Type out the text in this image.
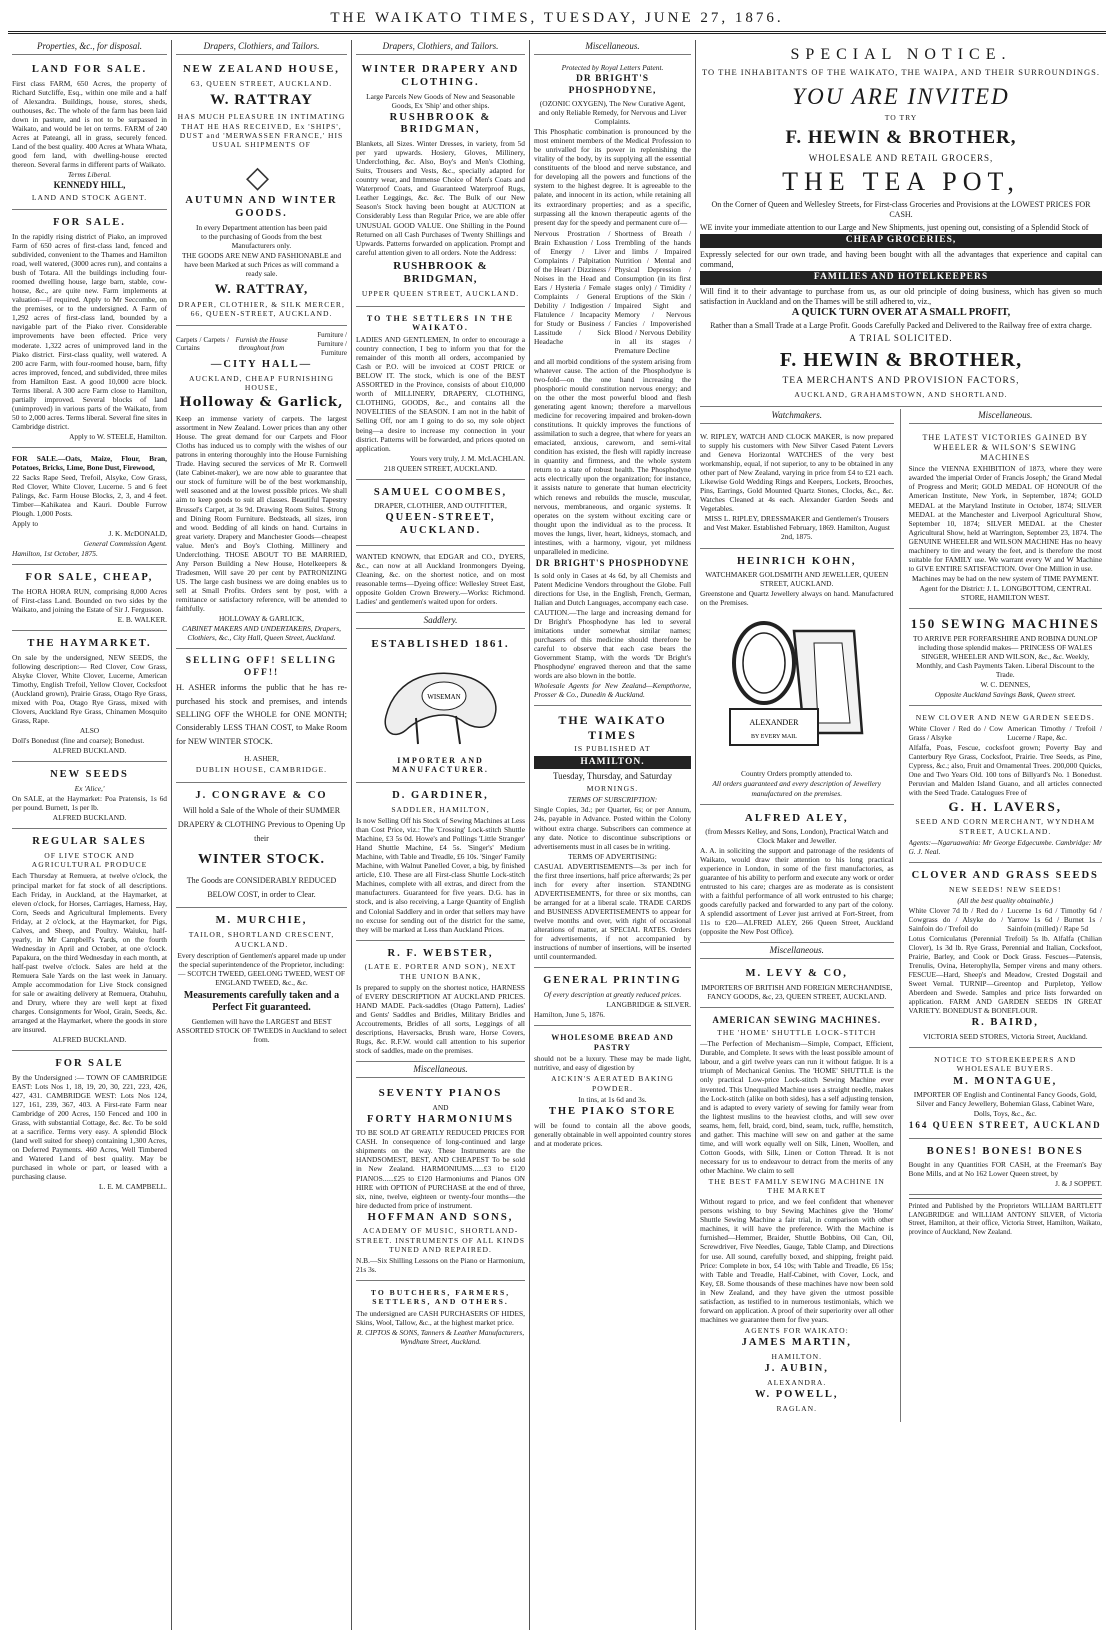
THE WAIKATO TIMES, TUESDAY, JUNE 27, 1876.
Properties, &c., for disposal.
LAND FOR SALE.

First class FARM, 650 Acres, the property of Richard Sutcliffe, Esq., within one mile and a half of Alexandra. Buildings, house, stores, sheds, outhouses, &c. The whole of the farm has been laid down in pasture, and is not to be surpassed in Waikato, and would be let on terms. FARM of 240 Acres at Pateangi, all in grass, securely fenced. Land of the best quality. 400 Acres at Whata Whata, good fern land, with dwelling-house erected thereon. Several farms in different parts of Waikato.

Terms Liberal.

KENNEDY HILL,

LAND AND STOCK AGENT.

FOR SALE.

In the rapidly rising district of Piako, an improved Farm of 650 acres of first-class land, fenced and subdivided, convenient to the Thames and Hamilton road, well watered, (3000 acres run), and contains a bush of Totara. All the buildings including four-roomed dwelling house, large barn, stable, cow-house, &c., are quite new. Farm implements at valuation—if required. Apply to Mr Seccombe, on the premises, or to the undersigned. A Farm of 1,292 acres of first-class land, bounded by a navigable part of the Piako river. Considerable improvements have been effected. Price very moderate. 1,322 acres of unimproved land in the Piako district. First-class quality, well watered. A 200 acre Farm, with four-roomed house, barn, fifty acres improved, fenced, and subdivided, three miles from Hamilton East. A good 10,000 acre block. Terms liberal. A 300 acre Farm close to Hamilton, partially improved. Several blocks of land (unimproved) in various parts of the Waikato, from 50 to 2,000 acres. Terms liberal. Several fine sites in Cambridge district.

Apply to W. STEELE, Hamilton.

FOR SALE.—Oats, Maize, Flour, Bran, Potatoes, Bricks, Lime, Bone Dust, Firewood,

22 Sacks Rape Seed, Trefoil, Alsyke, Cow Grass, Red Clover, White Clover, Lucerne. 5 and 6 feet Palings, &c. Farm House Blocks, 2, 3, and 4 feet. Timber—Kahikatea and Kauri. Double Furrow Plough. 1,000 Posts.

Apply to

J. K. McDONALD,

General Commission Agent.

Hamilton, 1st October, 1875.

FOR SALE, CHEAP,

The HORA HORA RUN, comprising 8,000 Acres of First-class Land. Bounded on two sides by the Waikato, and joining the Estate of Sir J. Fergusson.

E. B. WALKER.

THE HAYMARKET.

On sale by the undersigned, NEW SEEDS, the following description:— Red Clover, Cow Grass, Alsyke Clover, White Clover, Lucerne, American Timothy, English Trefoil, Yellow Clover, Cocksfoot (Auckland grown), Prairie Grass, Otago Rye Grass, mixed with Poa, Otago Rye Grass, mixed with Clovers, Auckland Rye Grass, Chinamen Mosquito Grass, Rape.

ALSO

Doll's Bonedust (fine and coarse); Bonedust.

ALFRED BUCKLAND.

NEW SEEDS

Ex 'Alice,'

On SALE, at the Haymarket: Poa Pratensis, 1s 6d per pound. Burnett, 1s per lb.

ALFRED BUCKLAND.

REGULAR SALES

OF LIVE STOCK AND AGRICULTURAL PRODUCE

Each Thursday at Remuera, at twelve o'clock, the principal market for fat stock of all descriptions. Each Friday, in Auckland, at the Haymarket, at eleven o'clock, for Horses, Carriages, Harness, Hay, Corn, Seeds and Agricultural Implements. Every Friday, at 2 o'clock, at the Haymarket, for Pigs, Calves, and Sheep, and Poultry. Waiuku, half-yearly, in Mr Campbell's Yards, on the fourth Wednesday in April and October, at one o'clock. Papakura, on the third Wednesday in each month, at half-past twelve o'clock. Sales are held at the Remuera Sale Yards on the last week in January. Ample accommodation for Live Stock consigned for sale or awaiting delivery at Remuera, Otahuhu, and Drury, where they are well kept at fixed charges. Consignments for Wool, Grain, Seeds, &c. arranged at the Haymarket, where the goods in store are insured.

ALFRED BUCKLAND.

FOR SALE

By the Undersigned :— TOWN OF CAMBRIDGE EAST: Lots Nos 1, 18, 19, 20, 30, 221, 223, 426, 427, 431. CAMBRIDGE WEST: Lots Nos 124, 127, 161, 239, 367, 403. A First-rate Farm near Cambridge of 200 Acres, 150 Fenced and 100 in Grass, with substantial Cottage, &c. &c. To be sold at a sacrifice. Terms very easy. A splendid Block (land well suited for sheep) containing 1,300 Acres, on Deferred Payments. 460 Acres, Well Timbered and Watered Land of best quality. May be purchased in whole or part, or leased with a purchasing clause.

L. E. M. CAMPBELL.

Drapers, Clothiers, and Tailors.
NEW ZEALAND HOUSE,

63, QUEEN STREET, AUCKLAND.

W. RATTRAY

HAS MUCH PLEASURE IN INTIMATING THAT HE HAS RECEIVED, Ex 'SHIPS', DUST and 'MERWASSEN FRANCE,' HIS USUAL SHIPMENTS OF

◇
AUTUMN AND WINTER GOODS.

In every Department attention has been paid to the purchasing of Goods from the best Manufacturers only.

THE GOODS ARE NEW AND FASHIONABLE and have been Marked at such Prices as will command a ready sale.

W. RATTRAY,

DRAPER, CLOTHIER, & SILK MERCER, 66, QUEEN-STREET, AUCKLAND.

Carpets / Carpets / Curtains
Furnish the House throughout from
Furniture / Furniture / Furniture
—CITY HALL—

AUCKLAND, CHEAP FURNISHING HOUSE,

Holloway & Garlick,

Keep an immense variety of carpets. The largest assortment in New Zealand. Lower prices than any other House. The great demand for our Carpets and Floor Cloths has induced us to comply with the wishes of our patrons in entering thoroughly into the House Furnishing Trade. Having secured the services of Mr R. Cornwell (late Cabinet-maker), we are now able to guarantee that our stock of furniture will be of the best workmanship, well seasoned and at the lowest possible prices. We shall aim to keep goods to suit all classes. Beautiful Tapestry Brussel's Carpet, at 3s 9d. Drawing Room Suites. Strong and Dining Room Furniture. Bedsteads, all sizes, iron and wood. Bedding of all kinds on hand. Curtains in great variety. Drapery and Manchester Goods—cheapest value. Men's and Boy's Clothing. Millinery and Underclothing. THOSE ABOUT TO BE MARRIED, Any Person Building a New House, Hotelkeepers & Tradesmen, Will save 20 per cent by PATRONIZING US. The large cash business we are doing enables us to sell at Small Profits. Orders sent by post, with a remittance or satisfactory reference, will be attended to faithfully.

HOLLOWAY & GARLICK,

CABINET MAKERS AND UNDERTAKERS, Drapers, Clothiers, &c., City Hall, Queen Street, Auckland.

SELLING OFF! SELLING OFF!!

H. ASHER informs the public that he has re-purchased his stock and premises, and intends SELLING OFF the WHOLE for ONE MONTH; Considerably LESS THAN COST, to Make Room for NEW WINTER STOCK.

H. ASHER,

DUBLIN HOUSE, CAMBRIDGE.

J. CONGRAVE & CO

Will hold a Sale of the Whole of their SUMMER DRAPERY & CLOTHING Previous to Opening Up their

WINTER STOCK.

The Goods are CONSIDERABLY REDUCED BELOW COST, in order to Clear.

M. MURCHIE,

TAILOR, SHORTLAND CRESCENT, AUCKLAND.

Every description of Gentlemen's apparel made up under the special superintendence of the Proprietor, including:— SCOTCH TWEED, GEELONG TWEED, WEST OF ENGLAND TWEED, &c., &c.

Measurements carefully taken and a Perfect Fit guaranteed.

Gentlemen will have the LARGEST and BEST ASSORTED STOCK OF TWEEDS in Auckland to select from.

Drapers, Clothiers, and Tailors.
WINTER DRAPERY AND CLOTHING.

Large Parcels New Goods of New and Seasonable Goods, Ex 'Ship' and other ships.

RUSHBROOK & BRIDGMAN,

Blankets, all Sizes. Winter Dresses, in variety, from 5d per yard upwards. Hosiery, Gloves, Millinery, Underclothing, &c. Also, Boy's and Men's Clothing, Suits, Trousers and Vests, &c., specially adapted for country wear, and Immense Choice of Men's Coats and Waterproof Coats, and Guaranteed Waterproof Rugs, Leather Leggings, &c. &c. The Bulk of our New Season's Stock having been bought at AUCTION at Considerably Less than Regular Price, we are able offer UNUSUAL GOOD VALUE. One Shilling in the Pound Returned on all Cash Purchases of Twenty Shillings and Upwards. Patterns forwarded on application. Prompt and careful attention given to all orders. Note the Address:

RUSHBROOK & BRIDGMAN,

UPPER QUEEN STREET, AUCKLAND.

TO THE SETTLERS IN THE WAIKATO.

LADIES AND GENTLEMEN, In order to encourage a country connection, I beg to inform you that for the remainder of this month all orders, accompanied by Cash or P.O. will be invoiced at COST PRICE or BELOW IT. The stock, which is one of the BEST ASSORTED in the Province, consists of about £10,000 worth of MILLINERY, DRAPERY, CLOTHING, CLOTHING, GOODS, &c., and contains all the NOVELTIES of the SEASON. I am not in the habit of Selling Off, nor am I going to do so, my sole object being—a desire to increase my connection in your district. Patterns will be forwarded, and prices quoted on application.

Yours very truly, J. M. McLACHLAN.

218 QUEEN STREET, AUCKLAND.

SAMUEL COOMBES,

DRAPER, CLOTHIER, AND OUTFITTER,

QUEEN-STREET, AUCKLAND.

WANTED KNOWN, that EDGAR and CO., DYERS, &c., can now at all Auckland Ironmongers Dyeing, Cleaning, &c. on the shortest notice, and on most reasonable terms—Dyeing office: Wellesley Street East, opposite Golden Crown Brewery.—Works: Richmond. Ladies' and gentlemen's waited upon for orders.

Saddlery.
ESTABLISHED 1861.
WISEMAN
IMPORTER AND MANUFACTURER.
D. GARDINER,

SADDLER, HAMILTON,

Is now Selling Off his Stock of Sewing Machines at Less than Cost Price, viz.: The 'Crossing' Lock-stitch Shuttle Machine, £3 5s 0d. Howe's and Pollings 'Little Stranger' Hand Shuttle Machine, £4 5s. 'Singer's' Medium Machine, with Table and Treadle, £6 10s. 'Singer' Family Machine, with Walnut Panelled Cover, a big, by finished article, £10. These are all First-class Shuttle Lock-stitch Machines, complete with all extras, and direct from the manufacturers. Guaranteed for five years. D.G. has in stock, and is also receiving, a Large Quantity of English and Colonial Saddlery and in order that sellers may have no excuse for sending out of the district for the same, they will be marked at Less than Auckland Prices.

R. F. WEBSTER,

(LATE E. PORTER AND SON), NEXT THE UNION BANK,

Is prepared to supply on the shortest notice, HARNESS of EVERY DESCRIPTION AT AUCKLAND PRICES. HAND MADE. Pack-saddles (Otago Pattern), Ladies' and Gents' Saddles and Bridles, Military Bridles and Accoutrements, Bridles of all sorts, Leggings of all descriptions, Haversacks, Brush ware, Horse Covers, Rugs, &c. R.F.W. would call attention to his superior stock of saddles, made on the premises.

Miscellaneous.
SEVENTY PIANOS

AND

FORTY HARMONIUMS

TO BE SOLD AT GREATLY REDUCED PRICES FOR CASH. In consequence of long-continued and large shipments on the way. These Instruments are the HANDSOMEST, BEST, AND CHEAPEST To be sold in New Zealand. HARMONIUMS......£3 to £120 PIANOS......£25 to £120 Harmoniums and Pianos ON HIRE with OPTION of PURCHASE at the end of three, six, nine, twelve, eighteen or twenty-four months—the hire deducted from price of instrument.

HOFFMAN AND SONS,

ACADEMY OF MUSIC, SHORTLAND-STREET. INSTRUMENTS OF ALL KINDS TUNED AND REPAIRED.

N.B.—Six Shilling Lessons on the Piano or Harmonium, 21s 3s.

TO BUTCHERS, FARMERS, SETTLERS, AND OTHERS.

The undersigned are CASH PURCHASERS OF HIDES, Skins, Wool, Tallow, &c., at the highest market price.

R. CIPTOS & SONS, Tanners & Leather Manufacturers, Wyndham Street, Auckland.

Miscellaneous.

Protected by Royal Letters Patent.

DR BRIGHT'S PHOSPHODYNE,

(OZONIC OXYGEN), The New Curative Agent, and only Reliable Remedy, for Nervous and Liver Complaints.

This Phosphatic combination is pronounced by the most eminent members of the Medical Profession to be unrivalled for its power in replenishing the vitality of the body, by its supplying all the essential constituents of the blood and nerve substance, and for developing all the powers and functions of the system to the highest degree. It is agreeable to the palate, and innocent in its action, while retaining all its extraordinary properties; and as a specific, surpassing all the known therapeutic agents of the present day for the speedy and permanent cure of—

Nervous Prostration / Brain Exhaustion / Loss of Energy / Liver Complaints / Palpitation of the Heart / Dizziness / Noises in the Head and Ears / Hysteria / Female Complaints / General Debility / Indigestion / Flatulence / Incapacity for Study or Business / Lassitude / Sick Headache
Shortness of Breath / Trembling of the hands and limbs / Impaired Nutrition / Mental and Physical Depression / Consumption (in its first stages only) / Timidity / Eruptions of the Skin / Impaired Sight and Memory / Nervous Fancies / Impoverished Blood / Nervous Debility in all its stages / Premature Decline

and all morbid conditions of the system arising from whatever cause. The action of the Phosphodyne is two-fold—on the one hand increasing the phosphoric mould constitution nervous energy; and on the other the most powerful blood and flesh generating agent known; therefore a marvellous medicine for recovering impaired and broken-down constitutions. It quickly improves the functions of assimilation to such a degree, that where for years an emaciated, anxious, careworn, and semi-vital condition has existed, the flesh will rapidly increase in quantity and firmness, and the whole system return to a state of robust health. The Phosphodyne acts electrically upon the organization; for instance, it assists nature to generate that human electricity which renews and rebuilds the muscle, muscular, nervous, membraneous, and organic systems. It operates on the system without exciting care or thought upon the individual as to the process. It moves the lungs, liver, heart, kidneys, stomach, and intestines, with a harmony, vigour, yet mildness unparalleled in medicine.

DR BRIGHT'S PHOSPHODYNE

Is sold only in Cases at 4s 6d, by all Chemists and Patent Medicine Vendors throughout the Globe. Full directions for Use, in the English, French, German, Italian and Dutch Languages, accompany each case.

CAUTION.—The large and increasing demand for Dr Bright's Phosphodyne has led to several imitations under somewhat similar names; purchasers of this medicine should therefore be careful to observe that each case bears the Government Stamp, with the words 'Dr Bright's Phosphodyne' engraved thereon and that the same words are also blown in the bottle.

Wholesale Agents for New Zealand—Kempthorne, Prosser & Co., Dunedin & Auckland.

THE WAIKATO TIMES

IS PUBLISHED AT

HAMILTON.

Tuesday, Thursday, and Saturday

MORNINGS.

TERMS OF SUBSCRIPTION:

Single Copies, 3d.; per Quarter, 6s; or per Annum, 24s, payable in Advance. Posted within the Colony without extra charge. Subscribers can commence at any date. Notice to discontinue subscriptions or advertisements must in all cases be in writing.

TERMS OF ADVERTISING:

CASUAL ADVERTISEMENTS—3s per inch for the first three insertions, half price afterwards; 2s per inch for every after insertion. STANDING ADVERTISEMENTS, for three or six months, can be arranged for at a liberal scale. TRADE CARDS and BUSINESS ADVERTISEMENTS to appear for twelve months and over, with right of occasional alterations of matter, at SPECIAL RATES. Orders for advertisements, if not accompanied by instructions of number of insertions, will be inserted until countermanded.

GENERAL PRINTING

Of every description at greatly reduced prices.

LANGBRIDGE & SILVER.

Hamilton, June 5, 1876.

WHOLESOME BREAD AND PASTRY

should not be a luxury. These may be made light, nutritive, and easy of digestion by

AICKIN'S AERATED BAKING POWDER.

In tins, at 1s 6d and 3s.

THE PIAKO STORE

will be found to contain all the above goods, generally obtainable in well appointed country stores and at moderate prices.

SPECIAL NOTICE.

TO THE INHABITANTS OF THE WAIKATO, THE WAIPA, AND THEIR SURROUNDINGS.

YOU ARE INVITED

TO TRY

F. HEWIN & BROTHER,

WHOLESALE AND RETAIL GROCERS,

THE TEA POT,

On the Corner of Queen and Wellesley Streets, for First-class Groceries and Provisions at the LOWEST PRICES FOR CASH.

WE invite your immediate attention to our Large and New Shipments, just opening out, consisting of a Splendid Stock of

CHEAP GROCERIES,

Expressly selected for our own trade, and having been bought with all the advantages that experience and capital can command,

FAMILIES AND HOTELKEEPERS

Will find it to their advantage to purchase from us, as our old principle of doing business, which has given so much satisfaction in Auckland and on the Thames will be still adhered to, viz.,

A QUICK TURN OVER AT A SMALL PROFIT,

Rather than a Small Trade at a Large Profit. Goods Carefully Packed and Delivered to the Railway free of extra charge.

A TRIAL SOLICITED.

F. HEWIN & BROTHER,

TEA MERCHANTS AND PROVISION FACTORS,

AUCKLAND, GRAHAMSTOWN, AND SHORTLAND.

Watchmakers.

W. RIPLEY, WATCH AND CLOCK MAKER, is now prepared to supply his customers with New Silver Cased Patent Levers and Geneva Horizontal WATCHES of the very best workmanship, equal, if not superior, to any to be obtained in any other part of New Zealand, varying in price from £4 to £21 each. Likewise Gold Wedding Rings and Keepers, Lockets, Brooches, Pins, Earrings, Gold Mounted Quartz Stones, Clocks, &c., &c. Watches Cleaned at 4s each. Alexander Garden Seeds and Vegetables.

MISS L. RIPLEY, DRESSMAKER and Gentlemen's Trousers and Vest Maker. Established February, 1869. Hamilton, August 2nd, 1875.

HEINRICH KOHN,

WATCHMAKER GOLDSMITH AND JEWELLER, QUEEN STREET, AUCKLAND.

Greenstone and Quartz Jewellery always on hand. Manufactured on the Premises.

ALEXANDER
BY EVERY MAIL

Country Orders promptly attended to.

All orders guaranteed and every description of Jewellery manufactured on the premises.

ALFRED ALEY,

(from Messrs Kelley, and Sons, London), Practical Watch and Clock Maker and Jeweller.

A. A. in soliciting the support and patronage of the residents of Waikato, would draw their attention to his long practical experience in London, in some of the first manufactories, as guarantee of his ability to perform and execute any work or order entrusted to his care; charges are as moderate as is consistent with a faithful performance of all work entrusted to his charge; goods carefully packed and forwarded to any part of the colony. A splendid assortment of Lever just arrived at Fort-Street, from 11s to £20—ALFRED ALEY, 266 Queen Street, Auckland (opposite the New Post Office).

Miscellaneous.
M. LEVY & CO,

IMPORTERS OF BRITISH AND FOREIGN MERCHANDISE, FANCY GOODS, &c, 23, QUEEN STREET, AUCKLAND.

AMERICAN SEWING MACHINES.

THE 'HOME' SHUTTLE LOCK-STITCH

—The Perfection of Mechanism—Simple, Compact, Efficient, Durable, and Complete. It sews with the least possible amount of labour, and a girl twelve years can run it without fatigue. It is a triumph of Mechanical Genius. The 'HOME' SHUTTLE is the only practical Low-price Lock-stitch Sewing Machine ever invented. This Unequalled Machine uses a straight needle, makes the Lock-stitch (alike on both sides), has a self adjusting tension, and is adapted to every variety of sewing for family wear from the lightest muslins to the heaviest cloths, and will sew over seams, hem, fell, braid, cord, bind, seam, tuck, ruffle, hemstitch, and gather. This machine will sew on and gather at the same time, and will work equally well on Silk, Linen, Woollen, and Cotton Goods, with Silk, Linen or Cotton Thread. It is not necessary for us to endeavour to detract from the merits of any other Machine. We claim to sell

THE BEST FAMILY SEWING MACHINE IN THE MARKET

Without regard to price, and we feel confident that whenever persons wishing to buy Sewing Machines give the 'Home' Shuttle Sewing Machine a fair trial, in comparison with other machines, it will have the preference. With the Machine is furnished—Hemmer, Braider, Shuttle Bobbins, Oil Can, Oil, Screwdriver, Five Needles, Gauge, Table Clamp, and Directions for use. All sound, carefully boxed, and shipping, freight paid. Price: Complete in box, £4 10s; with Table and Treadle, £6 15s; with Table and Treadle, Half-Cabinet, with Cover, Lock, and Key, £8. Some thousands of these machines have now been sold in New Zealand, and they have given the utmost possible satisfaction, as testified to in numerous testimonials, which we forward on application. A proof of their superiority over all other machines we guarantee them for five years.

AGENTS FOR WAIKATO:

JAMES MARTIN,

HAMILTON.

J. AUBIN,

ALEXANDRA.

W. POWELL,

RAGLAN.

Miscellaneous.

THE LATEST VICTORIES GAINED BY WHEELER & WILSON'S SEWING MACHINES

Since the VIENNA EXHIBITION of 1873, where they were awarded 'the imperial Order of Francis Joseph,' the Grand Medal of Progress and Merit; GOLD MEDAL OF HONOUR Of the American Institute, New York, in September, 1874; GOLD MEDAL at the Maryland Institute in October, 1874; SILVER MEDAL at the Manchester and Liverpool Agricultural Show, September 10, 1874; SILVER MEDAL at the Chester Agricultural Show, held at Warrington, September 23, 1874. The GENUINE WHEELER and WILSON MACHINE Has no heavy machinery to tire and weary the feet, and is therefore the most suitable for FAMILY use. We warrant every W and W Machine to GIVE ENTIRE SATISFACTION. Over One Million in use.

Machines may be had on the new system of TIME PAYMENT.

Agent for the District: J. L. LONGBOTTOM, CENTRAL STORE, HAMILTON WEST.

150 SEWING MACHINES

TO ARRIVE PER FORFARSHIRE AND ROBINA DUNLOP including those splendid makes— PRINCESS OF WALES SINGER, WHEELER AND WILSON, &c., &c. Weekly, Monthly, and Cash Payments Taken. Liberal Discount to the Trade.

W. C. DENNES,

Opposite Auckland Savings Bank, Queen street.

NEW CLOVER AND NEW GARDEN SEEDS.

White Clover / Red do / Cow Grass / Alsyke
American Timothy / Trefoil / Lucerne / Rape, &c.

Alfalfa, Poas, Fescue, cocksfoot grown; Poverty Bay and Canterbury Rye Grass, Cocksfoot, Prairie. Tree Seeds, as Pine, Cypress, &c.; also, Fruit and Ornamental Trees. 200,000 Quicks, One and Two Years Old. 100 tons of Billyard's No. 1 Bonedust. Peruvian and Malden Island Guano, and all articles connected with the Seed Trade. Catalogues Free of

G. H. LAVERS,

SEED AND CORN MERCHANT, WYNDHAM STREET, AUCKLAND.

Agents:—Ngaruawahia: Mr George Edgecumbe. Cambridge: Mr G. J. Neal.

CLOVER AND GRASS SEEDS

NEW SEEDS! NEW SEEDS!

(All the best quality obtainable.)

White Clover 7d lb / Red do / Cowgrass do / Alsyke do / Sainfoin do / Trefoil do
Lucerne 1s 6d / Timothy 6d / Yarrow 1s 6d / Burnet 1s / Sainfoin (milled) / Rape 5d

Lotus Corniculatus (Perennial Trefoil) 5s lb. Alfalfa (Chilian Clover), 1s 3d lb. Rye Grass, Perennial and Italian, Cocksfoot, Prairie, Barley, and Cook or Dock Grass. Fescues—Patensis, Trenulis, Ovina, Heterophylla, Semper virens and many others. FESCUE—Hard, Sheep's and Meadow, Crested Dogstail and Sweet Vernal. TURNIP—Greentop and Purpletop, Yellow Aberdeen and Swede. Samples and price lists forwarded on application. FARM AND GARDEN SEEDS IN GREAT VARIETY. BONEDUST & BONEFLOUR.

R. BAIRD,

VICTORIA SEED STORES, Victoria Street, Auckland.

NOTICE TO STOREKEEPERS AND WHOLESALE BUYERS.

M. MONTAGUE,

IMPORTER OF English and Continental Fancy Goods, Gold, Silver and Fancy Jewellery, Bohemian Glass, Cabinet Ware, Dolls, Toys, &c., &c.

164 QUEEN STREET, AUCKLAND
BONES! BONES! BONES

Bought in any Quantities FOR CASH, at the Freeman's Bay Bone Mills, and at No 162 Lower Queen street, by

J. & J SOPPET.

Printed and Published by the Proprietors WILLIAM BARTLETT LANGBRIDGE and WILLIAM ANTONY SILVER, of Victoria Street, Hamilton, at their office, Victoria Street, Hamilton, Waikato, province of Auckland, New Zealand.
